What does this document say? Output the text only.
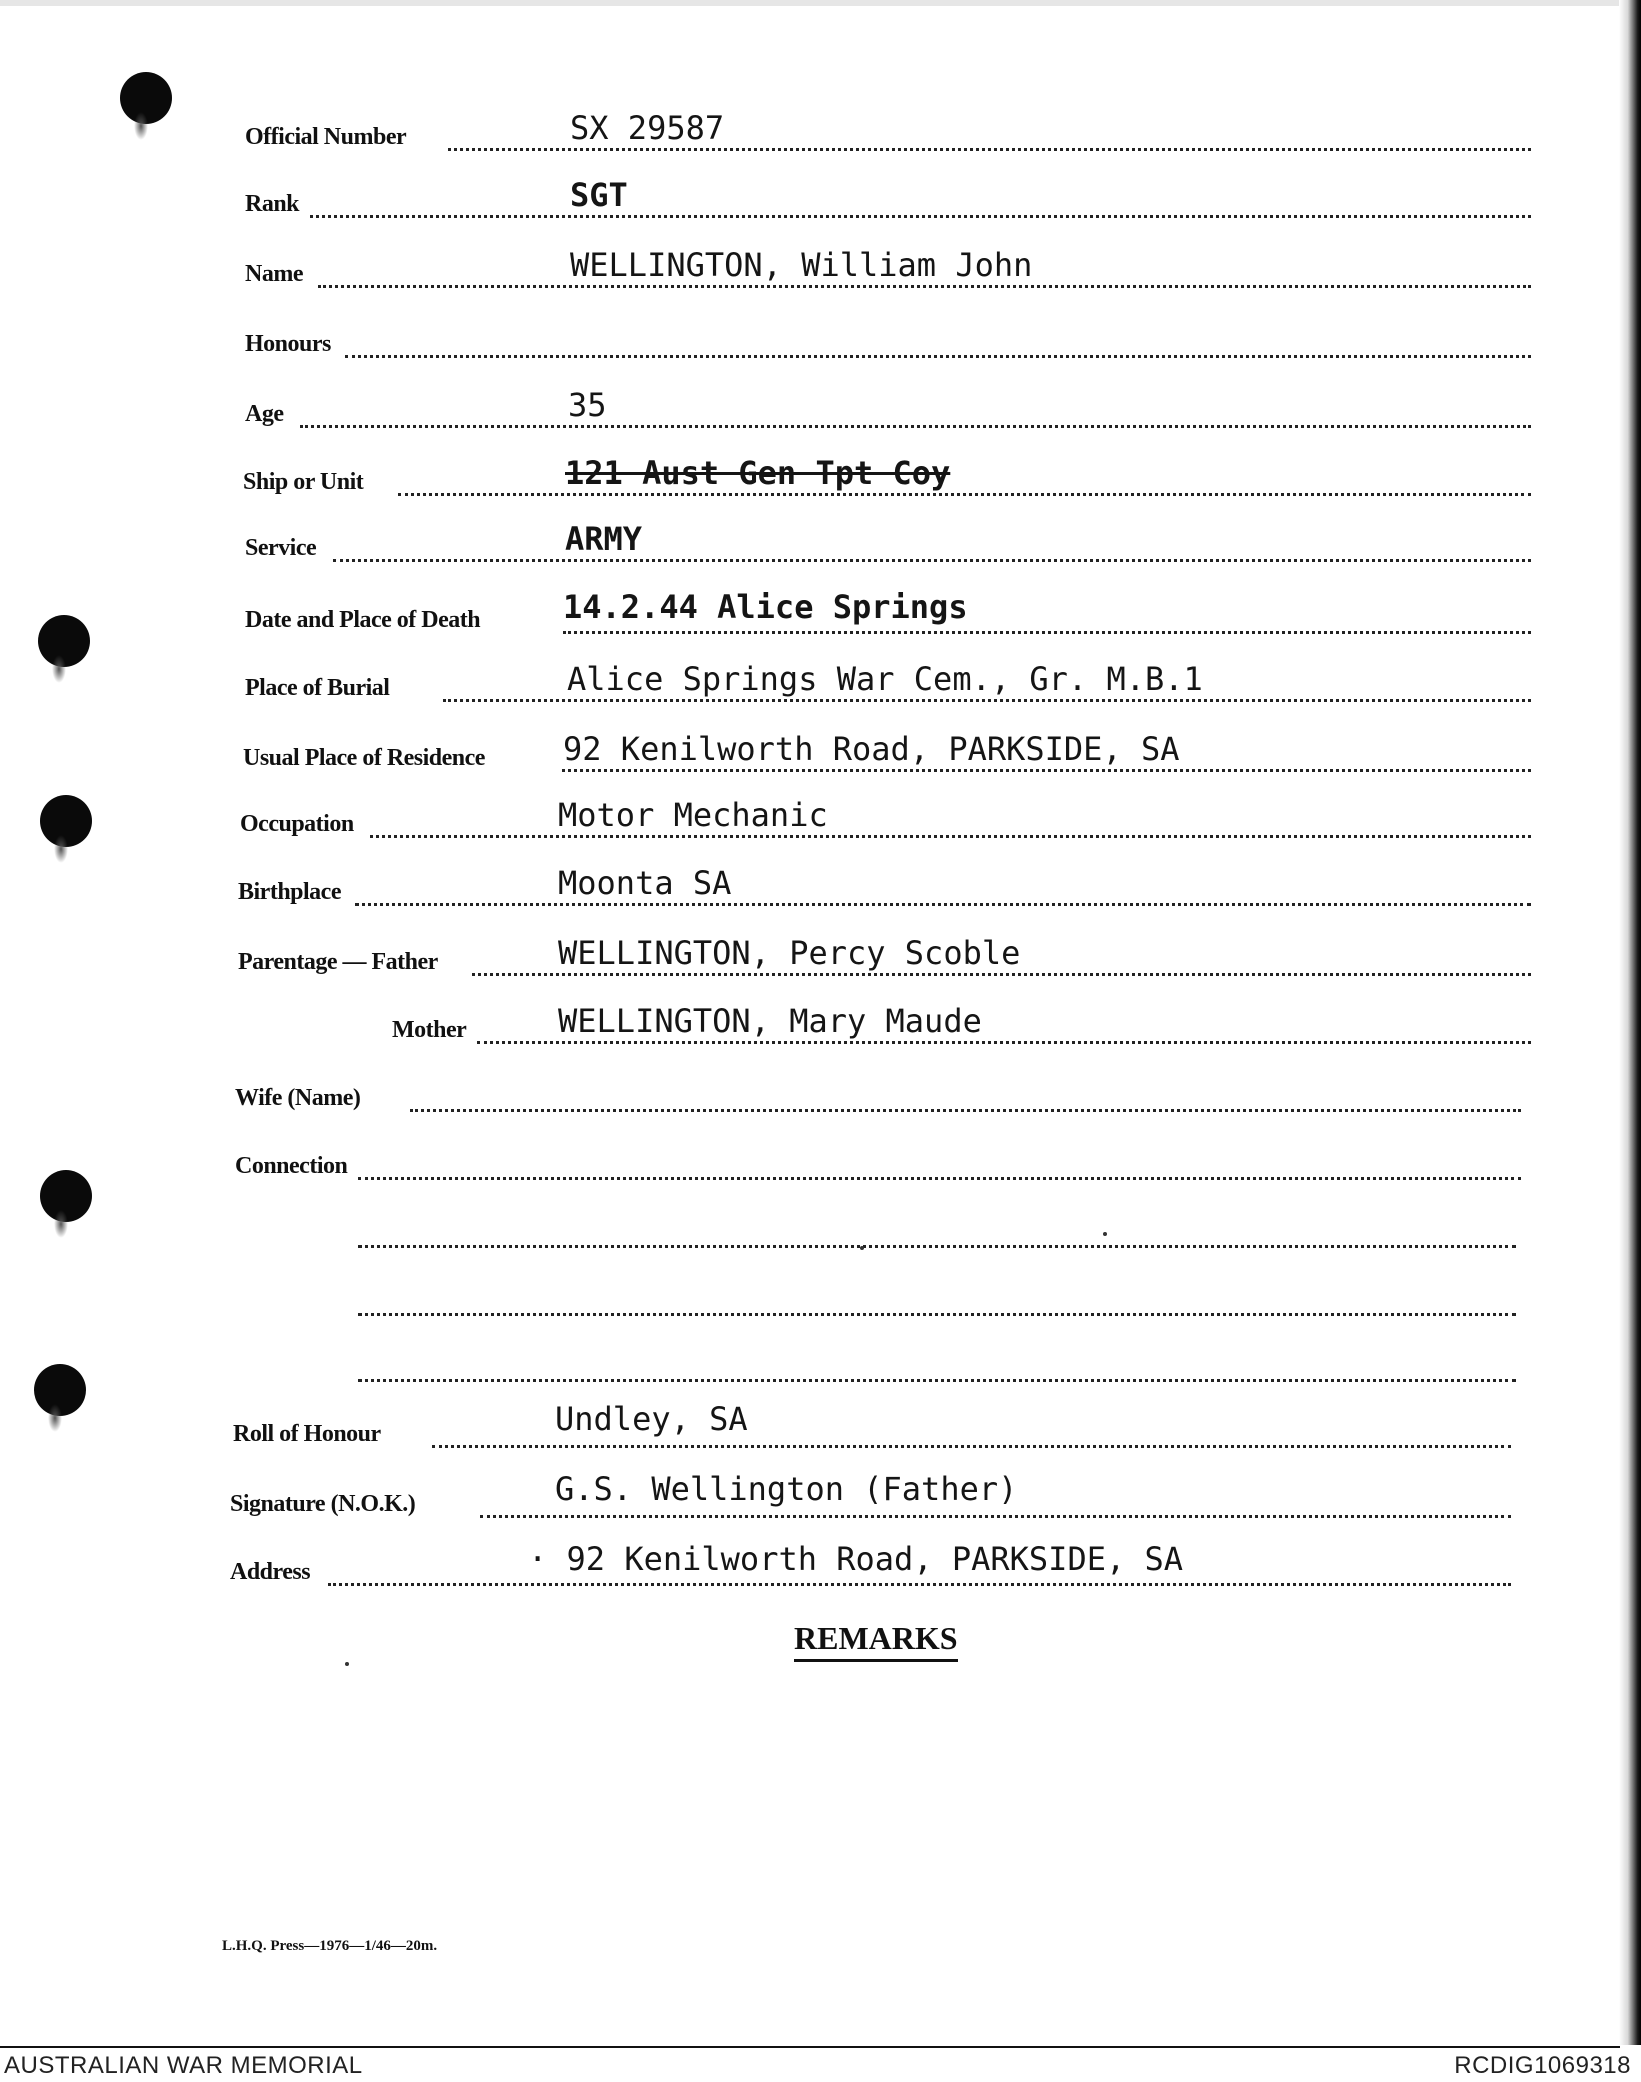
Official Number	SX 29587
Rank	SGT
Name	WELLINGTON, William John
Honours
Age	35
Ship or Unit	121 Aust Gen Tpt Coy
Service	ARMY
Date and Place of Death	14.2.44 Alice Springs
Place of Burial	Alice Springs War Cem., Gr. M.B.1
Usual Place of Residence 92 Kenilworth Road, PARKSIDE, SA
Occupation	Motor Mechanic
Birthplace	Moonta SA
Parentage — Father	WELLINGTON, Percy Scoble
Mother	WELLINGTON, Mary Maude
Wife (Name)
Connection
Roll of Honour	Undley, SA
Signature (N.O.K.)	G.S. Wellington (Father)
Address	· 92 Kenilworth Road, PARKSIDE, SA
REMARKS
L.H.Q. Press—1976—1/46—20m.
AUSTRALIAN WAR MEMORIAL	RCDIG1069318
